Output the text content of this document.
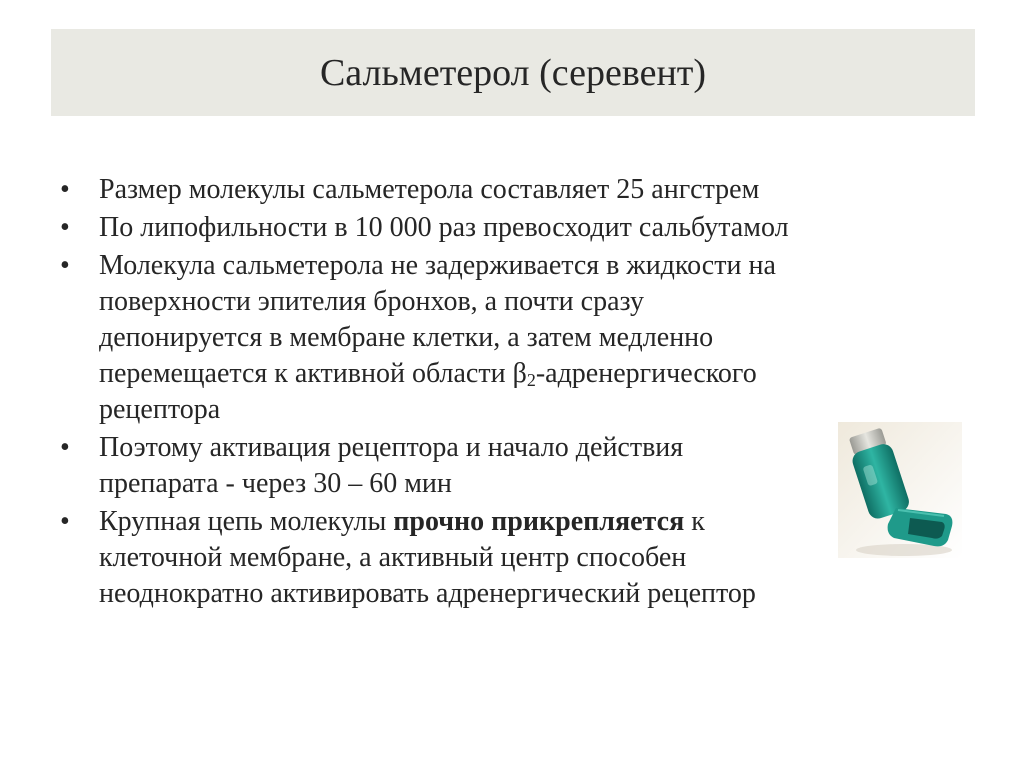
Сальметерол (серевент)
•	Размер молекулы сальметерола составляет 25 ангстрем
•	По липофильности в 10 000 раз превосходит сальбутамол
•	Молекула сальметерола не задерживается в жидкости на
поверхности эпителия бронхов, а почти сразу
депонируется в мембране клетки, а затем медленно
перемещается к активной области $\beta_2$-адренергического
рецептора
•	Поэтому активация рецептора и начало действия
препарата - через 30 – 60 мин
•	Крупная цепь молекулы прочно прикрепляется к
клеточной мембране, а активный центр способен
неоднократно активировать адренергический рецептор
